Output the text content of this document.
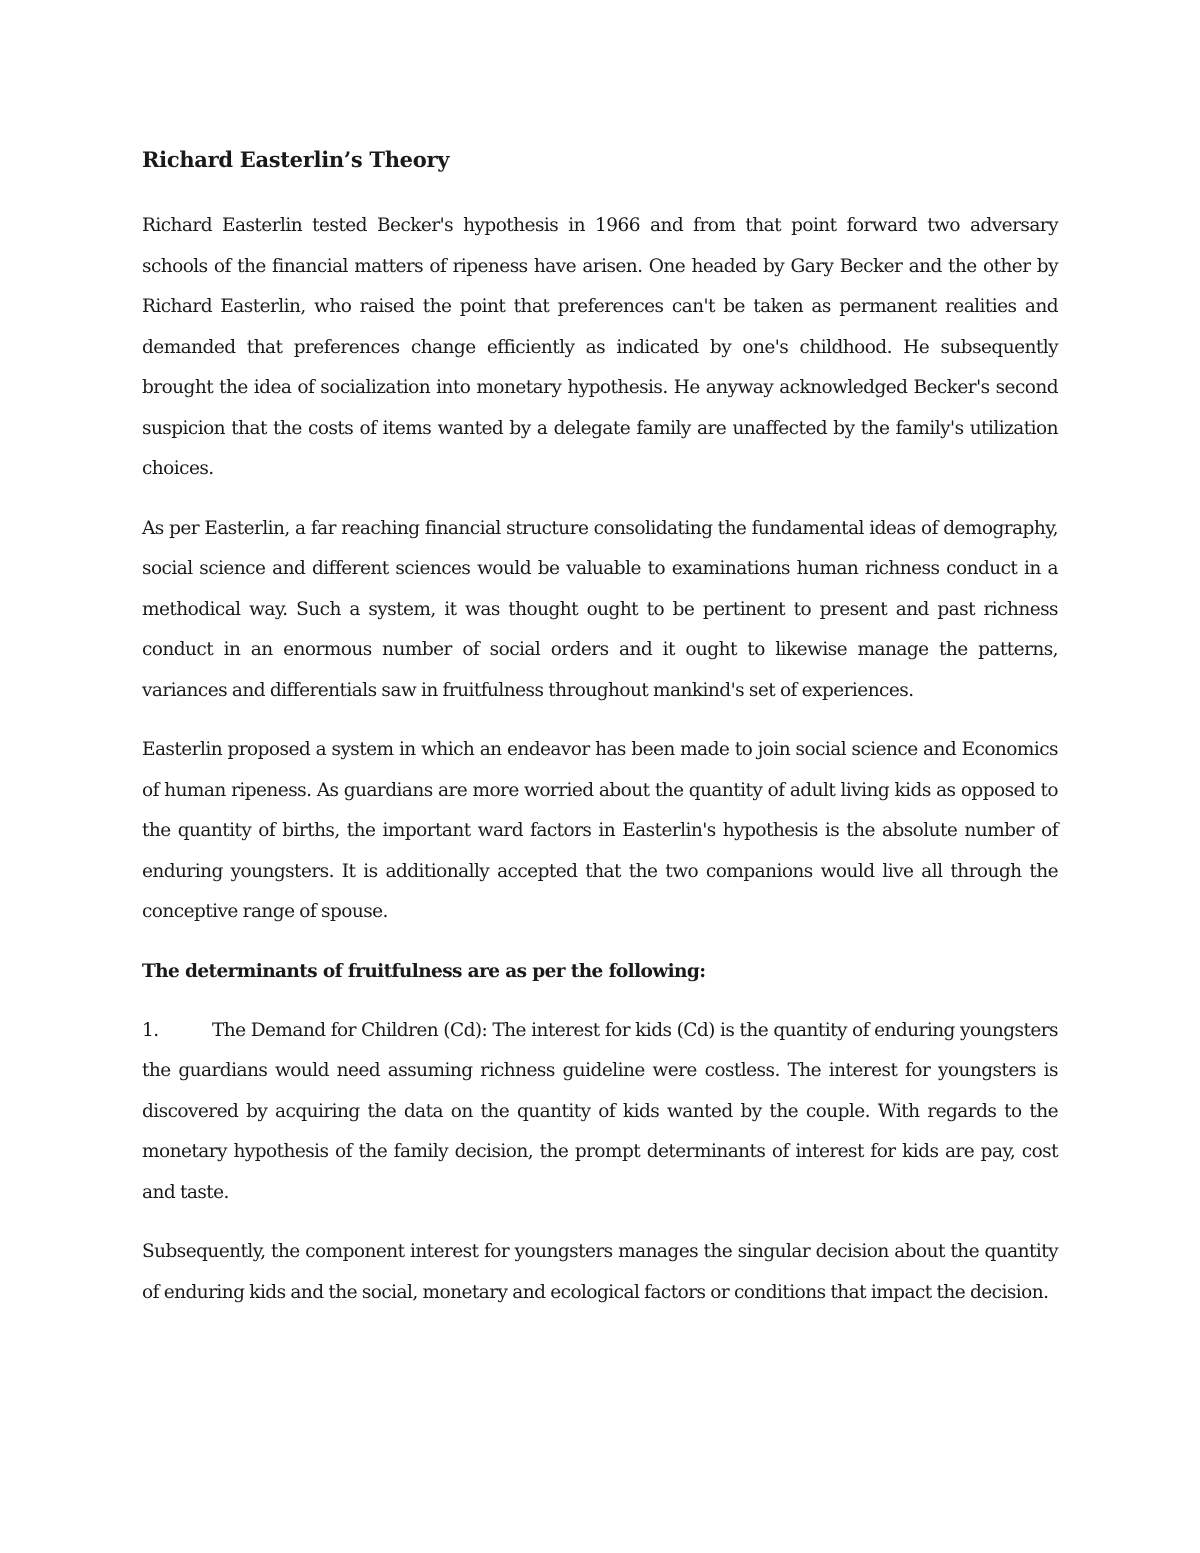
Richard Easterlin’s Theory

Richard Easterlin tested Becker's hypothesis in 1966 and from that point forward two adversary schools of the financial matters of ripeness have arisen. One headed by Gary Becker and the other by Richard Easterlin, who raised the point that preferences can't be taken as permanent realities and demanded that preferences change efficiently as indicated by one's childhood. He subsequently brought the idea of socialization into monetary hypothesis. He anyway acknowledged Becker's second suspicion that the costs of items wanted by a delegate family are unaffected by the family's utilization choices.

As per Easterlin, a far reaching financial structure consolidating the fundamental ideas of demography, social science and different sciences would be valuable to examinations human richness conduct in a methodical way. Such a system, it was thought ought to be pertinent to present and past richness conduct in an enormous number of social orders and it ought to likewise manage the patterns, variances and differentials saw in fruitfulness throughout mankind's set of experiences.

Easterlin proposed a system in which an endeavor has been made to join social science and Economics of human ripeness. As guardians are more worried about the quantity of adult living kids as opposed to the quantity of births, the important ward factors in Easterlin's hypothesis is the absolute number of enduring youngsters. It is additionally accepted that the two companions would live all through the conceptive range of spouse.

The determinants of fruitfulness are as per the following:

1.	The Demand for Children (Cd): The interest for kids (Cd) is the quantity of enduring youngsters the guardians would need assuming richness guideline were costless. The interest for youngsters is discovered by acquiring the data on the quantity of kids wanted by the couple. With regards to the monetary hypothesis of the family decision, the prompt determinants of interest for kids are pay, cost and taste.

Subsequently, the component interest for youngsters manages the singular decision about the quantity of enduring kids and the social, monetary and ecological factors or conditions that impact the decision.
